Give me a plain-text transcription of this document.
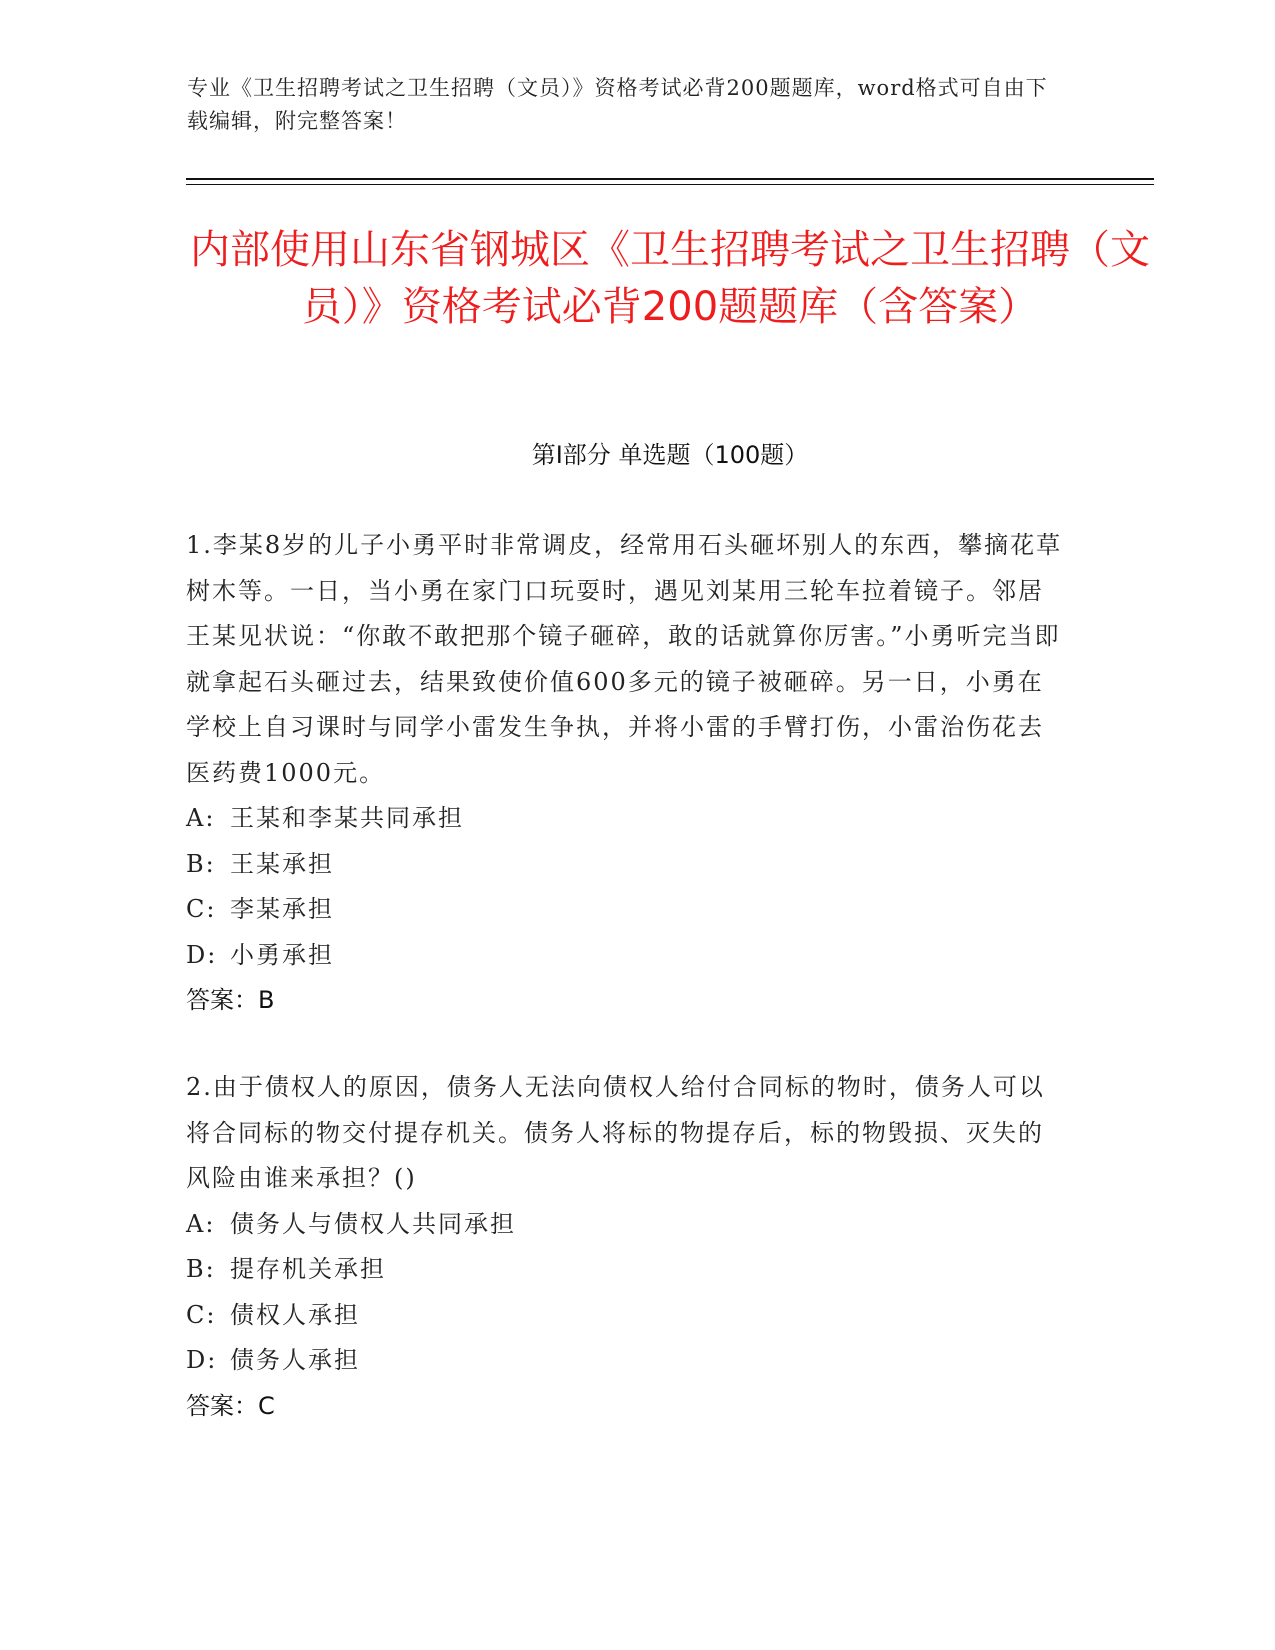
专业《卫生招聘考试之卫生招聘（文员）》资格考试必背200题题库，word格式可自由下载编辑，附完整答案！
内部使用山东省钢城区《卫生招聘考试之卫生招聘（文员）》资格考试必背200题题库（含答案）
第Ⅰ部分 单选题（100题）

1.李某8岁的儿子小勇平时非常调皮，经常用石头砸坏别人的东西，攀摘花草树木等。一日，当小勇在家门口玩耍时，遇见刘某用三轮车拉着镜子。邻居王某见状说：“你敢不敢把那个镜子砸碎，敢的话就算你厉害。”小勇听完当即就拿起石头砸过去，结果致使价值600多元的镜子被砸碎。另一日，小勇在学校上自习课时与同学小雷发生争执，并将小雷的手臂打伤，小雷治伤花去医药费1000元。

A: 王某和李某共同承担

B: 王某承担

C: 李某承担

D: 小勇承担

答案：B

2.由于债权人的原因，债务人无法向债权人给付合同标的物时，债务人可以将合同标的物交付提存机关。债务人将标的物提存后，标的物毁损、灭失的风险由谁来承担？()

A: 债务人与债权人共同承担

B: 提存机关承担

C: 债权人承担

D: 债务人承担

答案：C
